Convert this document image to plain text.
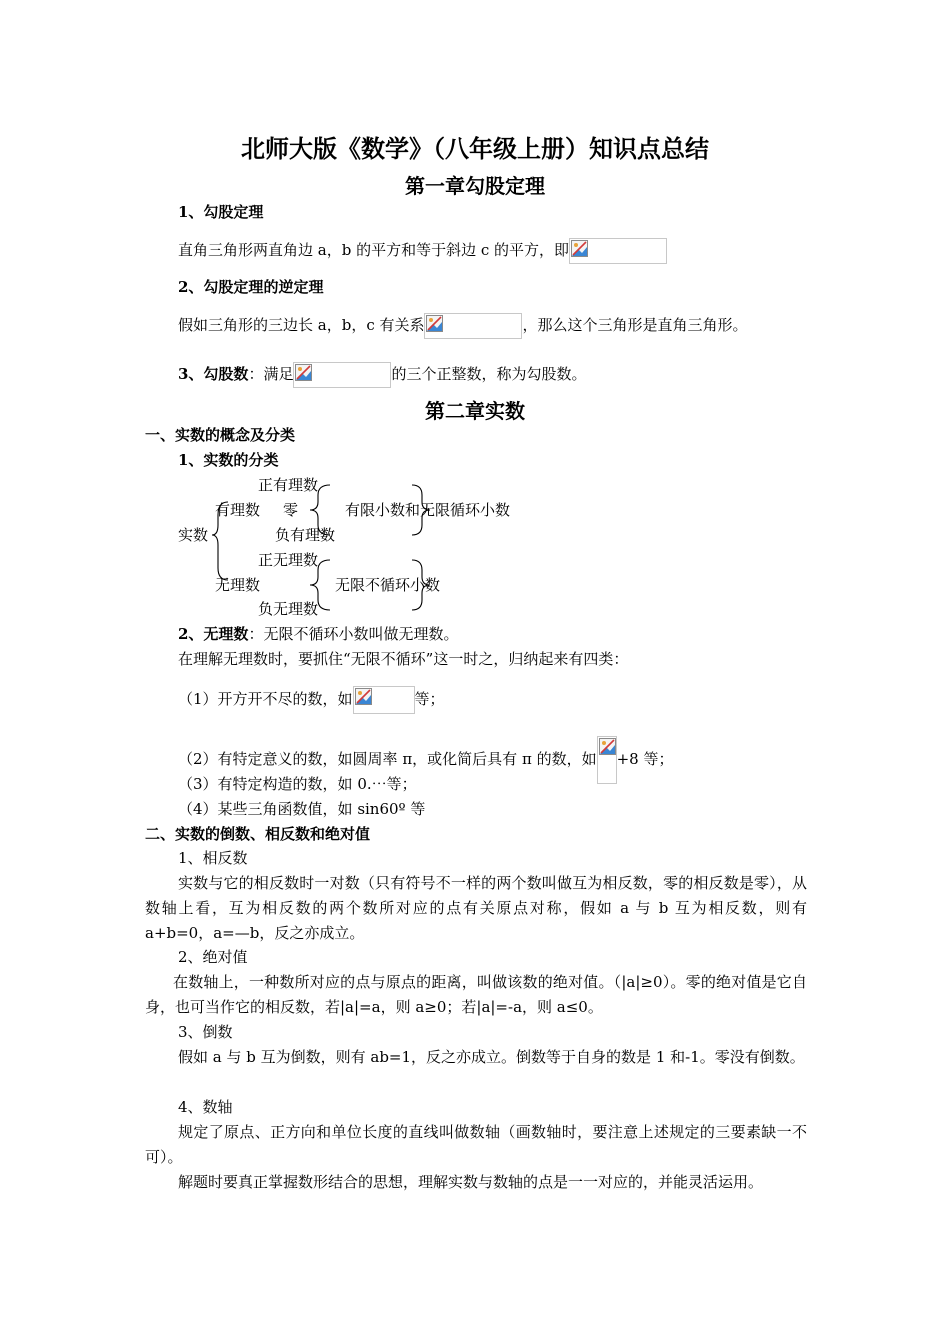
北师大版《数学》（八年级上册）知识点总结
第一章勾股定理
1、勾股定理
直角三角形两直角边 a，b 的平方和等于斜边 c 的平方，即
2、勾股定理的逆定理
假如三角形的三边长 a，b，c 有关系	，那么这个三角形是直角三角形。
3、勾股数：满足	的三个正整数，称为勾股数。
第二章实数
一、实数的概念及分类
1、实数的分类
正有理数
有理数 零	有限小数和无限循环小数
实数	负有理数
正无理数
无理数	无限不循环小数
负无理数
2、无理数：无限不循环小数叫做无理数。
在理解无理数时，要抓住“无限不循环”这一时之，归纳起来有四类：
（1）开方开不尽的数，如	等；
（2）有特定意义的数，如圆周率 π，或化简后具有 π 的数，如 +8 等；
（3）有特定构造的数，如 0.⋯等；
（4）某些三角函数值，如 sin60º 等
二、实数的倒数、相反数和绝对值
1、相反数
实数与它的相反数时一对数（只有符号不一样的两个数叫做互为相反数，零的相反数是零），从数轴上看，互为相反数的两个数所对应的点有关原点对称，假如 a 与 b 互为相反数，则有 a+b=0，a=—b，反之亦成立。
2、绝对值
在数轴上，一种数所对应的点与原点的距离，叫做该数的绝对值。（|a|≥0）。零的绝对值是它自身，也可当作它的相反数，若|a|=a，则 a≥0；若|a|=-a，则 a≤0。
3、倒数
假如 a 与 b 互为倒数，则有 ab=1，反之亦成立。倒数等于自身的数是 1 和-1。零没有倒数。
4、数轴
规定了原点、正方向和单位长度的直线叫做数轴（画数轴时，要注意上述规定的三要素缺一不可）。
解题时要真正掌握数形结合的思想，理解实数与数轴的点是一一对应的，并能灵活运用。
